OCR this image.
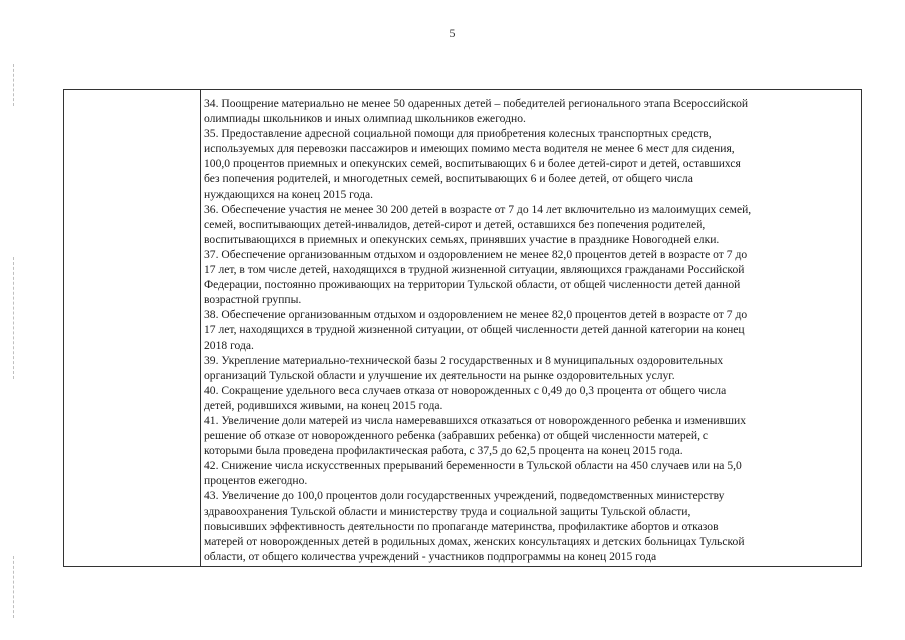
5
34. Поощрение материально не менее 50 одаренных детей – победителей регионального этапа Всероссийской
олимпиады школьников и иных олимпиад школьников ежегодно.
35. Предоставление адресной социальной помощи для приобретения колесных транспортных средств,
используемых для перевозки пассажиров и имеющих помимо места водителя не менее 6 мест для сидения,
100,0 процентов приемных и опекунских семей, воспитывающих 6 и более детей-сирот и детей, оставшихся
без попечения родителей, и многодетных семей, воспитывающих 6 и более детей, от общего числа
нуждающихся на конец 2015 года.
36. Обеспечение участия не менее 30 200 детей в возрасте от 7 до 14 лет включительно из малоимущих семей,
семей, воспитывающих детей-инвалидов, детей-сирот и детей, оставшихся без попечения родителей,
воспитывающихся в приемных и опекунских семьях, принявших участие в празднике Новогодней елки.
37. Обеспечение организованным отдыхом и оздоровлением не менее 82,0 процентов детей в возрасте от 7 до
17 лет, в том числе детей, находящихся в трудной жизненной ситуации, являющихся гражданами Российской
Федерации, постоянно проживающих на территории Тульской области, от общей численности детей данной
возрастной группы.
38. Обеспечение организованным отдыхом и оздоровлением не менее 82,0 процентов детей в возрасте от 7 до
17 лет, находящихся в трудной жизненной ситуации, от общей численности детей данной категории на конец
2018 года.
39. Укрепление материально-технической базы 2 государственных и 8 муниципальных оздоровительных
организаций Тульской области и улучшение их деятельности на рынке оздоровительных услуг.
40. Сокращение удельного веса случаев отказа от новорожденных с 0,49 до 0,3 процента от общего числа
детей, родившихся живыми, на конец 2015 года.
41. Увеличение доли матерей из числа намеревавшихся отказаться от новорожденного ребенка и изменивших
решение об отказе от новорожденного ребенка (забравших ребенка) от общей численности матерей, с
которыми была проведена профилактическая работа, с 37,5 до 62,5 процента на конец 2015 года.
42. Снижение числа искусственных прерываний беременности в Тульской области на 450 случаев или на 5,0
процентов ежегодно.
43. Увеличение до 100,0 процентов доли государственных учреждений, подведомственных министерству
здравоохранения Тульской области и министерству труда и социальной защиты Тульской области,
повысивших эффективность деятельности по пропаганде материнства, профилактике абортов и отказов
матерей от новорожденных детей в родильных домах, женских консультациях и детских больницах Тульской
области, от общего количества учреждений - участников подпрограммы на конец 2015 года
